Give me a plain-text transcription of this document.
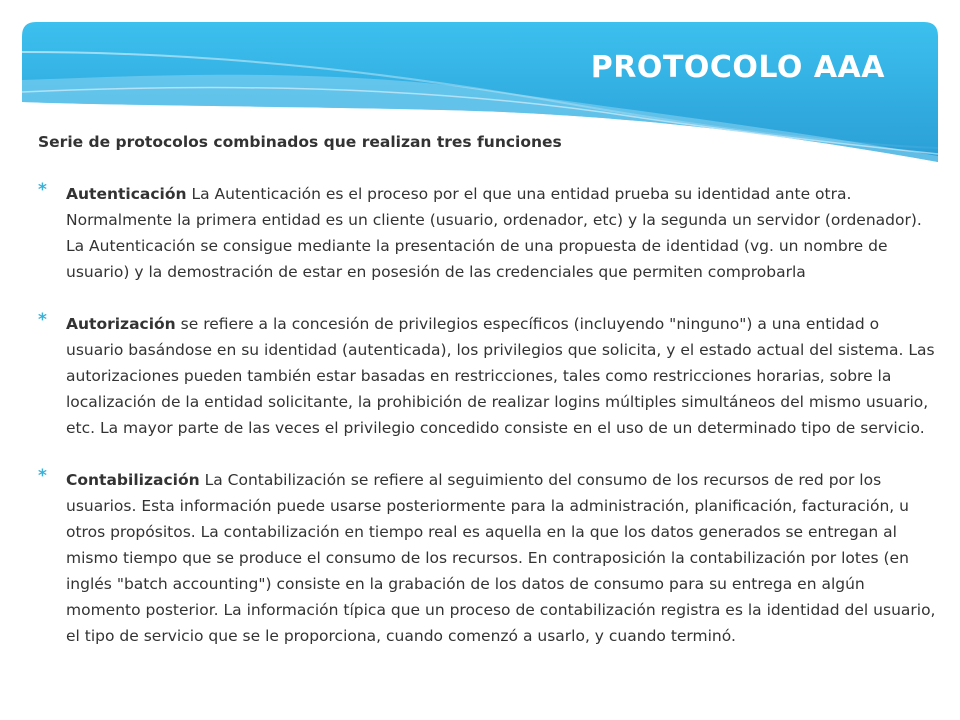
PROTOCOLO AAA

Serie de protocolos combinados que realizan tres funciones

* Autenticación La Autenticación es el proceso por el que una entidad prueba su identidad ante otra. Normalmente la primera entidad es un cliente (usuario, ordenador, etc) y la segunda un servidor (ordenador). La Autenticación se consigue mediante la presentación de una propuesta de identidad (vg. un nombre de usuario) y la demostración de estar en posesión de las credenciales que permiten comprobarla

* Autorización se refiere a la concesión de privilegios específicos (incluyendo "ninguno") a una entidad o usuario basándose en su identidad (autenticada), los privilegios que solicita, y el estado actual del sistema. Las autorizaciones pueden también estar basadas en restricciones, tales como restricciones horarias, sobre la localización de la entidad solicitante, la prohibición de realizar logins múltiples simultáneos del mismo usuario, etc. La mayor parte de las veces el privilegio concedido consiste en el uso de un determinado tipo de servicio.

* Contabilización La Contabilización se refiere al seguimiento del consumo de los recursos de red por los usuarios. Esta información puede usarse posteriormente para la administración, planificación, facturación, u otros propósitos. La contabilización en tiempo real es aquella en la que los datos generados se entregan al mismo tiempo que se produce el consumo de los recursos. En contraposición la contabilización por lotes (en inglés "batch accounting") consiste en la grabación de los datos de consumo para su entrega en algún momento posterior. La información típica que un proceso de contabilización registra es la identidad del usuario, el tipo de servicio que se le proporciona, cuando comenzó a usarlo, y cuando terminó.
